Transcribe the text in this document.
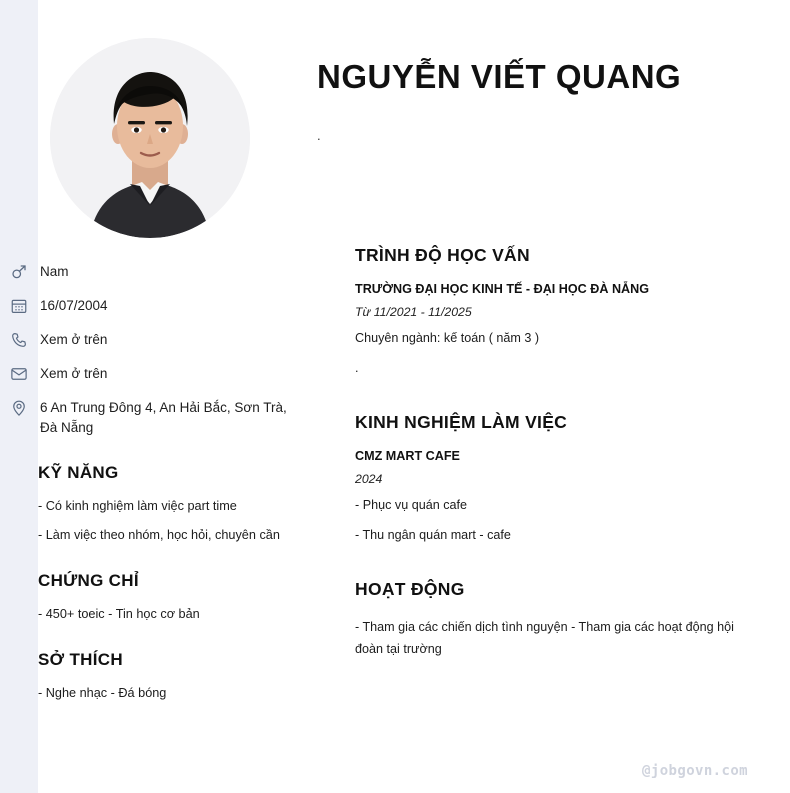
NGUYỄN VIẾT QUANG
.
Nam
16/07/2004
Xem ở trên
Xem ở trên
6 An Trung Đông 4, An Hải Bắc, Sơn Trà, Đà Nẵng
KỸ NĂNG

- Có kinh nghiệm làm việc part time

- Làm việc theo nhóm, học hỏi, chuyên cần

CHỨNG CHỈ

- 450+ toeic - Tin học cơ bản

SỞ THÍCH

- Nghe nhạc - Đá bóng

TRÌNH ĐỘ HỌC VẤN

TRƯỜNG ĐẠI HỌC KINH TẾ - ĐẠI HỌC ĐÀ NẴNG

Từ 11/2021 - 11/2025

Chuyên ngành: kế toán ( năm 3 )

.

KINH NGHIỆM LÀM VIỆC

CMZ MART CAFE

2024

- Phục vụ quán cafe

- Thu ngân quán mart - cafe

HOẠT ĐỘNG

- Tham gia các chiến dịch tình nguyện - Tham gia các hoạt động hội đoàn tại trường

@jobgovn.com
